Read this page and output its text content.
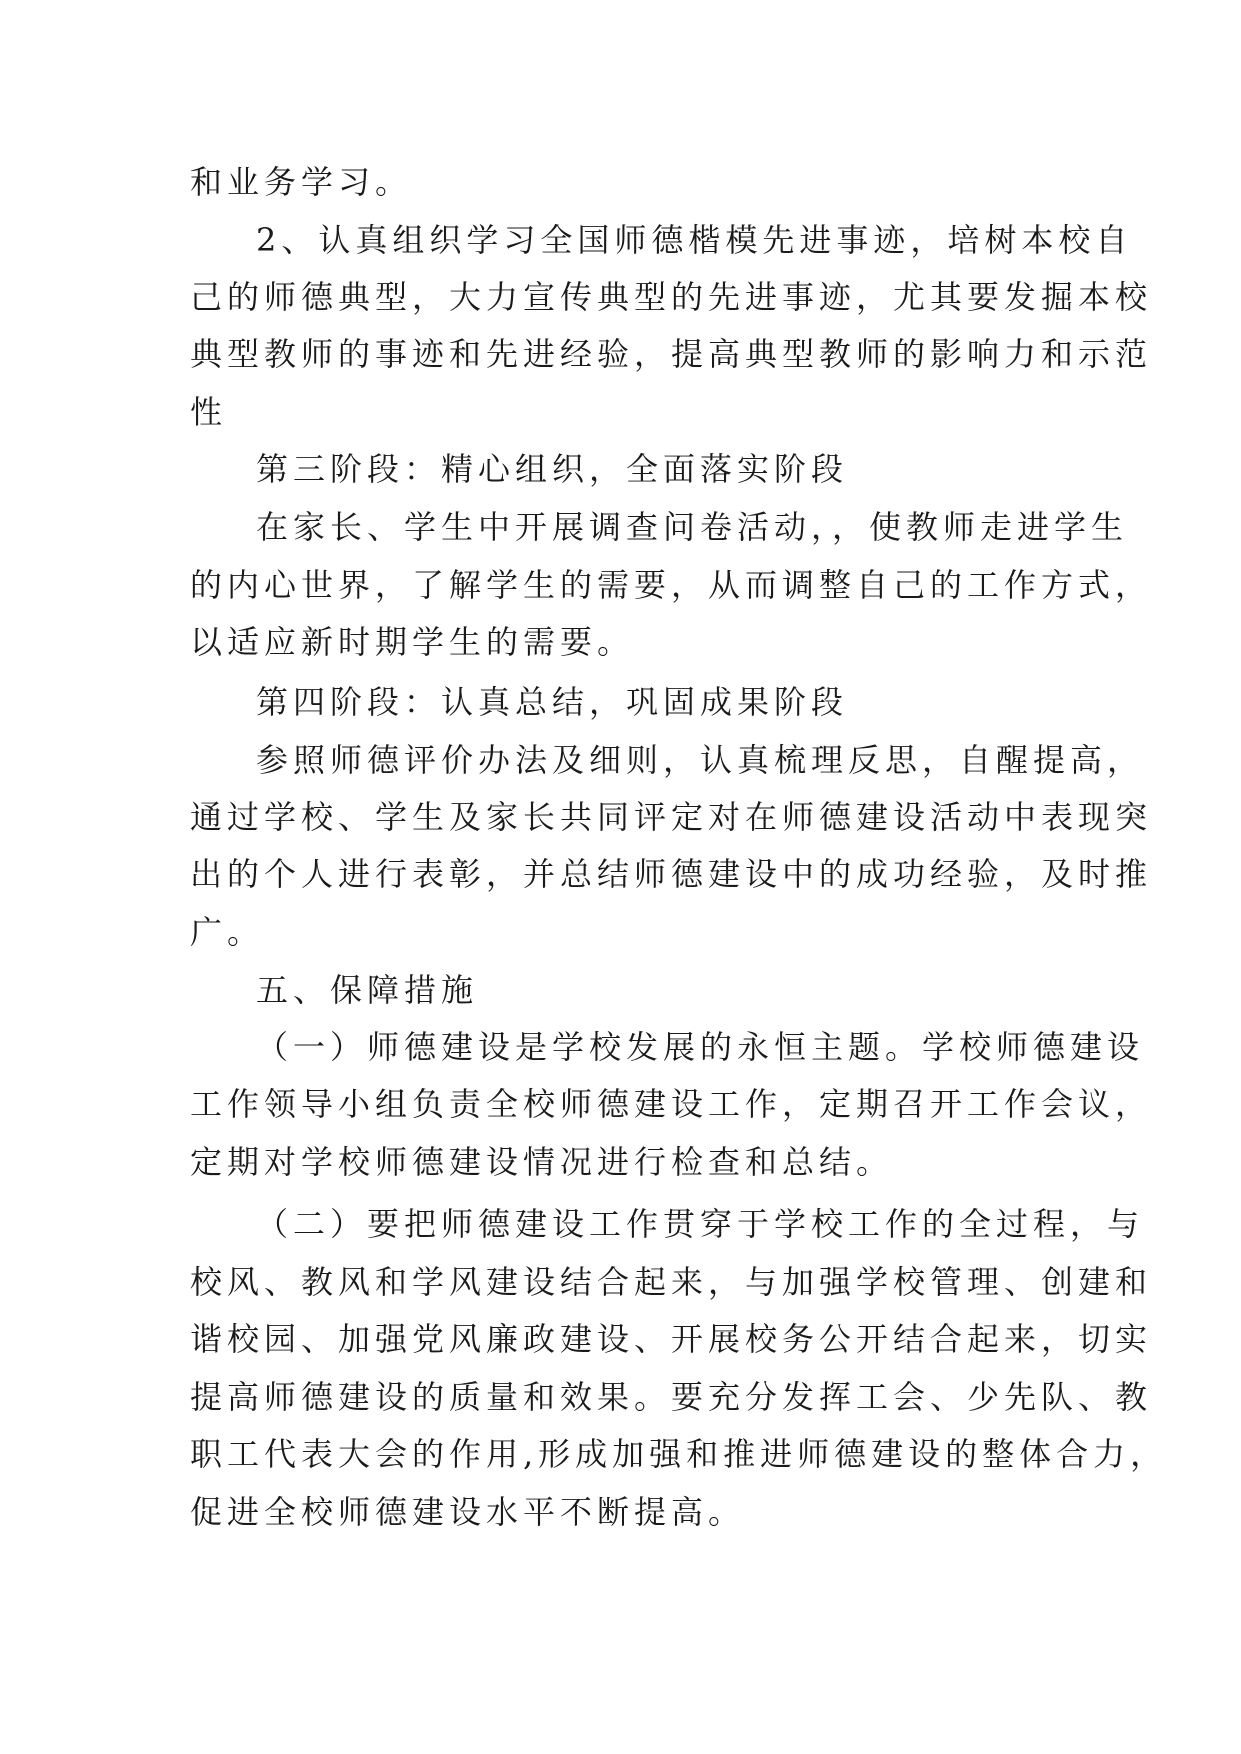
和业务学习。
2、认真组织学习全国师德楷模先进事迹，培树本校自
己的师德典型，大力宣传典型的先进事迹，尤其要发掘本校
典型教师的事迹和先进经验，提高典型教师的影响力和示范
性
第三阶段：精心组织，全面落实阶段
在家长、学生中开展调查问卷活动，，使教师走进学生
的内心世界，了解学生的需要，从而调整自己的工作方式，
以适应新时期学生的需要。
第四阶段：认真总结，巩固成果阶段
参照师德评价办法及细则，认真梳理反思，自醒提高，
通过学校、学生及家长共同评定对在师德建设活动中表现突
出的个人进行表彰，并总结师德建设中的成功经验，及时推
广。
五、保障措施
（一）师德建设是学校发展的永恒主题。学校师德建设
工作领导小组负责全校师德建设工作，定期召开工作会议，
定期对学校师德建设情况进行检查和总结。
（二）要把师德建设工作贯穿于学校工作的全过程，与
校风、教风和学风建设结合起来，与加强学校管理、创建和
谐校园、加强党风廉政建设、开展校务公开结合起来，切实
提高师德建设的质量和效果。要充分发挥工会、少先队、教
职工代表大会的作用,形成加强和推进师德建设的整体合力，
促进全校师德建设水平不断提高。
